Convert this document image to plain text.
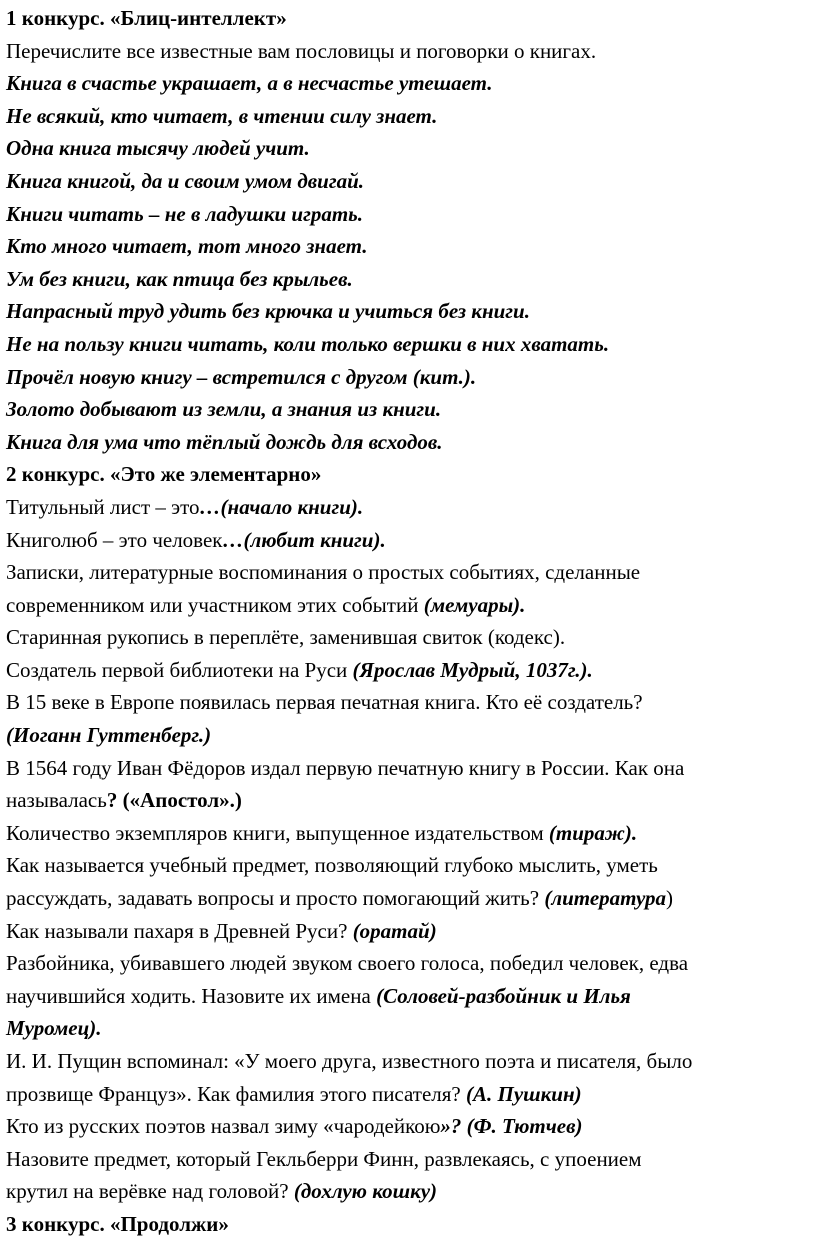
1 конкурс. «Блиц-интеллект»

Перечислите все известные вам пословицы и поговорки о книгах.

Книга в счастье украшает, а в несчастье утешает.

Не всякий, кто читает, в чтении силу знает.

Одна книга тысячу людей учит.

Книга книгой, да и своим умом двигай.

Книги читать – не в ладушки играть.

Кто много читает, тот много знает.

Ум без книги, как птица без крыльев.

Напрасный труд удить без крючка и учиться без книги.

Не на пользу книги читать, коли только вершки в них хватать.

Прочёл новую книгу – встретился с другом (кит.).

Золото добывают из земли, а знания из книги.

Книга для ума что тёплый дождь для всходов.

2 конкурс. «Это же элементарно»

Титульный лист – это…(начало книги).

Книголюб – это человек…(любит книги).

Записки, литературные воспоминания о простых событиях, сделанные

современником или участником этих событий (мемуары).

Старинная рукопись в переплёте, заменившая свиток (кодекс).

Создатель первой библиотеки на Руси (Ярослав Мудрый, 1037г.).

В 15 веке в Европе появилась первая печатная книга. Кто её создатель?

(Иоганн Гуттенберг.)

В 1564 году Иван Фёдоров издал первую печатную книгу в России. Как она

называлась? («Апостол».)

Количество экземпляров книги, выпущенное издательством (тираж).

Как называется учебный предмет, позволяющий глубоко мыслить, уметь

рассуждать, задавать вопросы и просто помогающий жить? (литература)

Как называли пахаря в Древней Руси? (оратай)

Разбойника, убивавшего людей звуком своего голоса, победил человек, едва

научившийся ходить. Назовите их имена (Соловей-разбойник и Илья

Муромец).

И. И. Пущин вспоминал: «У моего друга, известного поэта и писателя, было

прозвище Француз». Как фамилия этого писателя? (А. Пушкин)

Кто из русских поэтов назвал зиму «чародейкою»? (Ф. Тютчев)

Назовите предмет, который Гекльберри Финн, развлекаясь, с упоением

крутил на верёвке над головой? (дохлую кошку)

3 конкурс. «Продолжи»
